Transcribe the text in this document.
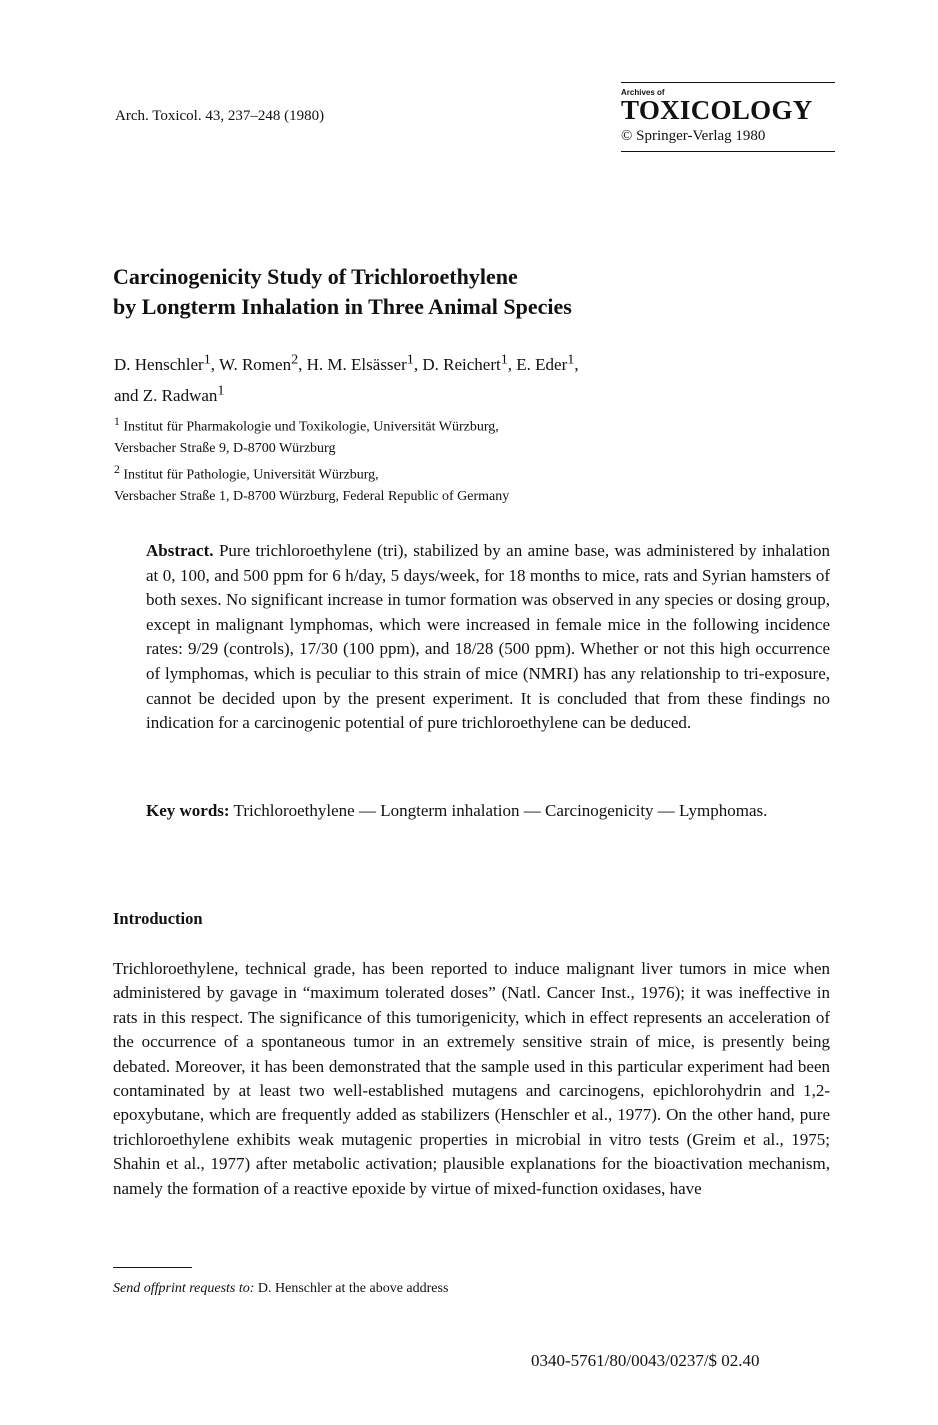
Arch. Toxicol. 43, 237–248 (1980)
Archives of
TOXICOLOGY
© Springer-Verlag 1980
Carcinogenicity Study of Trichloroethylene
by Longterm Inhalation in Three Animal Species
D. Henschler$^1$, W. Romen$^2$, H. M. Elsässer$^1$, D. Reichert$^1$, E. Eder$^1$,
and Z. Radwan$^1$
$^1$ Institut für Pharmakologie und Toxikologie, Universität Würzburg,
Versbacher Straße 9, D-8700 Würzburg
$^2$ Institut für Pathologie, Universität Würzburg,
Versbacher Straße 1, D-8700 Würzburg, Federal Republic of Germany

Abstract. Pure trichloroethylene (tri), stabilized by an amine base, was administered by inhalation at 0, 100, and 500 ppm for 6 h/day, 5 days/week, for 18 months to mice, rats and Syrian hamsters of both sexes. No significant increase in tumor formation was observed in any species or dosing group, except in malignant lymphomas, which were increased in female mice in the following incidence rates: 9/29 (controls), 17/30 (100 ppm), and 18/28 (500 ppm). Whether or not this high occurrence of lymphomas, which is peculiar to this strain of mice (NMRI) has any relationship to tri-exposure, cannot be decided upon by the present experiment. It is concluded that from these findings no indication for a carcinogenic potential of pure trichloroethylene can be deduced.

Key words: Trichloroethylene — Longterm inhalation — Carcinogenicity — Lymphomas.
Introduction
Trichloroethylene, technical grade, has been reported to induce malignant liver tumors in mice when administered by gavage in “maximum tolerated doses” (Natl. Cancer Inst., 1976); it was ineffective in rats in this respect. The significance of this tumorigenicity, which in effect represents an acceleration of the occurrence of a spontaneous tumor in an extremely sensitive strain of mice, is presently being debated. Moreover, it has been demonstrated that the sample used in this particular experiment had been contaminated by at least two well-established mutagens and carcinogens, epichlorohydrin and 1,2-epoxybutane, which are frequently added as stabilizers (Henschler et al., 1977). On the other hand, pure trichloroethylene exhibits weak mutagenic properties in microbial in vitro tests (Greim et al., 1975; Shahin et al., 1977) after metabolic activation; plausible explanations for the bioactivation mechanism, namely the formation of a reactive epoxide by virtue of mixed-function oxidases, have
Send offprint requests to: D. Henschler at the above address
0340-5761/80/0043/0237/$ 02.40
